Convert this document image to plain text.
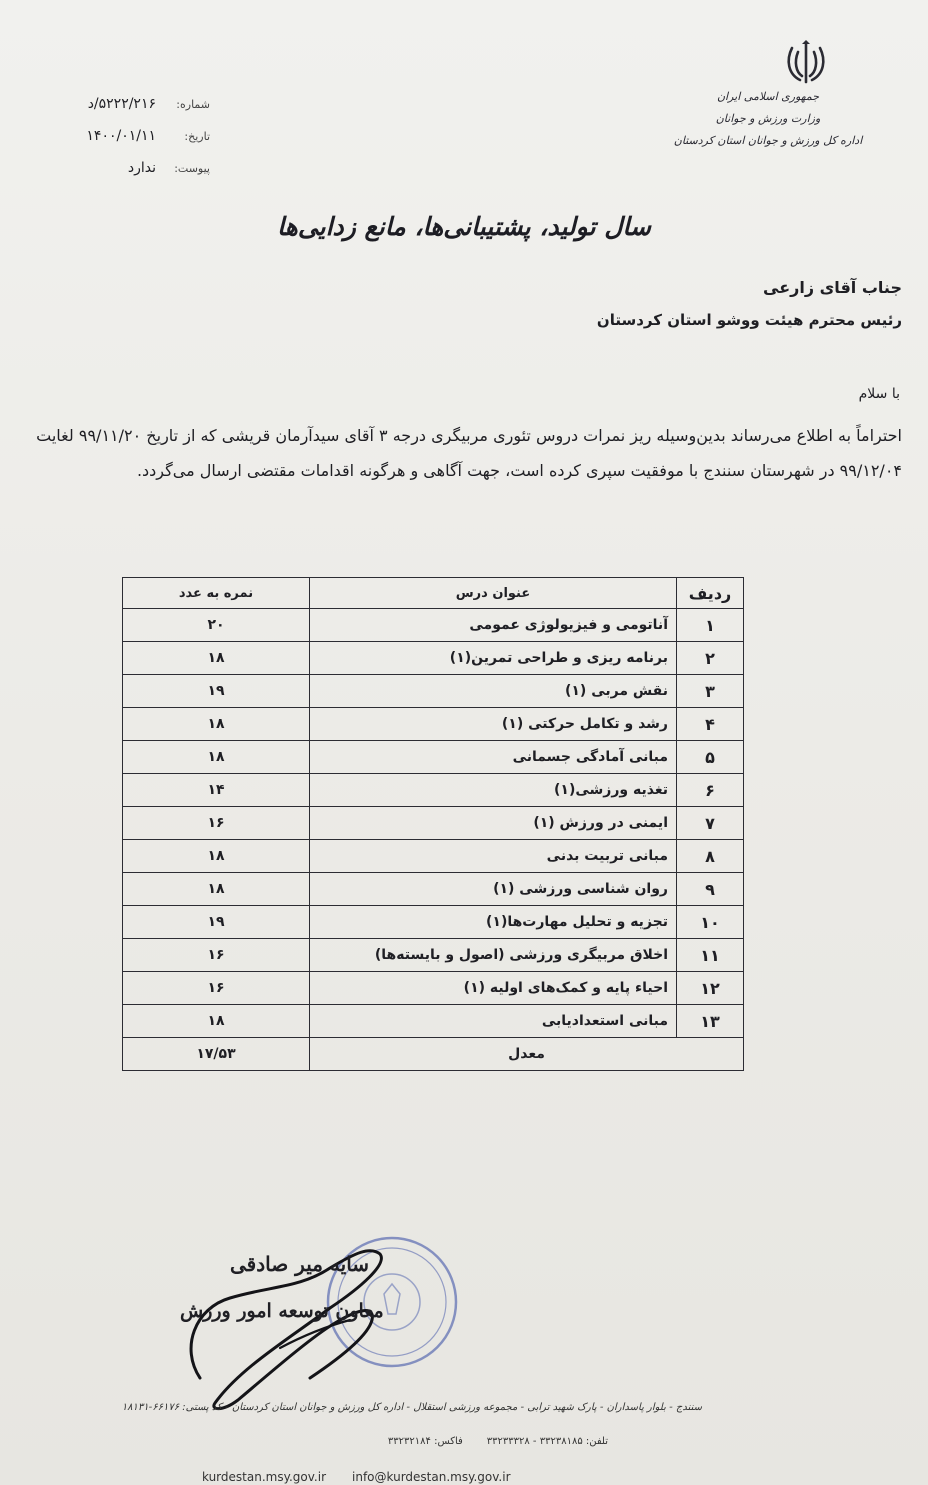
جمهوری اسلامی ایران
وزارت ورزش و جوانان
اداره کل ورزش و جوانان استان کردستان
شماره:
۵۲۲۲/۲۱۶/د
تاریخ:
۱۴۰۰/۰۱/۱۱
پیوست:
ندارد
سال تولید، پشتیبانی‌ها، مانع زدایی‌ها
جناب آقای زارعی
رئیس محترم هیئت ووشو استان کردستان
با سلام
احتراماً به اطلاع می‌رساند بدین‌وسیله ریز نمرات دروس تئوری مربیگری درجه ۳ آقای سیدآرمان قریشی که از تاریخ ۹۹/۱۱/۲۰ لغایت ۹۹/۱۲/۰۴ در شهرستان سنندج با موفقیت سپری کرده است، جهت آگاهی و هرگونه اقدامات مقتضی ارسال می‌گردد.
ردیف	عنوان درس	نمره به عدد
۱	آناتومی و فیزیولوژی عمومی	۲۰
۲	برنامه ریزی و طراحی تمرین(۱)	۱۸
۳	نقش مربی (۱)	۱۹
۴	رشد و تکامل حرکتی (۱)	۱۸
۵	مبانی آمادگی جسمانی	۱۸
۶	تغذیه ورزشی(۱)	۱۴
۷	ایمنی در ورزش (۱)	۱۶
۸	مبانی تربیت بدنی	۱۸
۹	روان شناسی ورزشی (۱)	۱۸
۱۰	تجزیه و تحلیل مهارت‌ها(۱)	۱۹
۱۱	اخلاق مربیگری ورزشی (اصول و بایسته‌ها)	۱۶
۱۲	احیاء پایه و کمک‌های اولیه (۱)	۱۶
۱۳	مبانی استعدادیابی	۱۸
معدل		۱۷/۵۳
سایه میر صادقی
معاون توسعه امور ورزش
سنندج - بلوار پاسداران - پارک شهید ترابی - مجموعه ورزشی استقلال - اداره کل ورزش و جوانان استان کردستان - کد پستی: ۶۶۱۷۶-۱۸۱۳۱
تلفن: ۳۳۲۳۸۱۸۵ - ۳۳۲۳۳۳۲۸
فاکس: ۳۳۲۳۲۱۸۴
kurdestan.msy.gov.ir info@kurdestan.msy.gov.ir
